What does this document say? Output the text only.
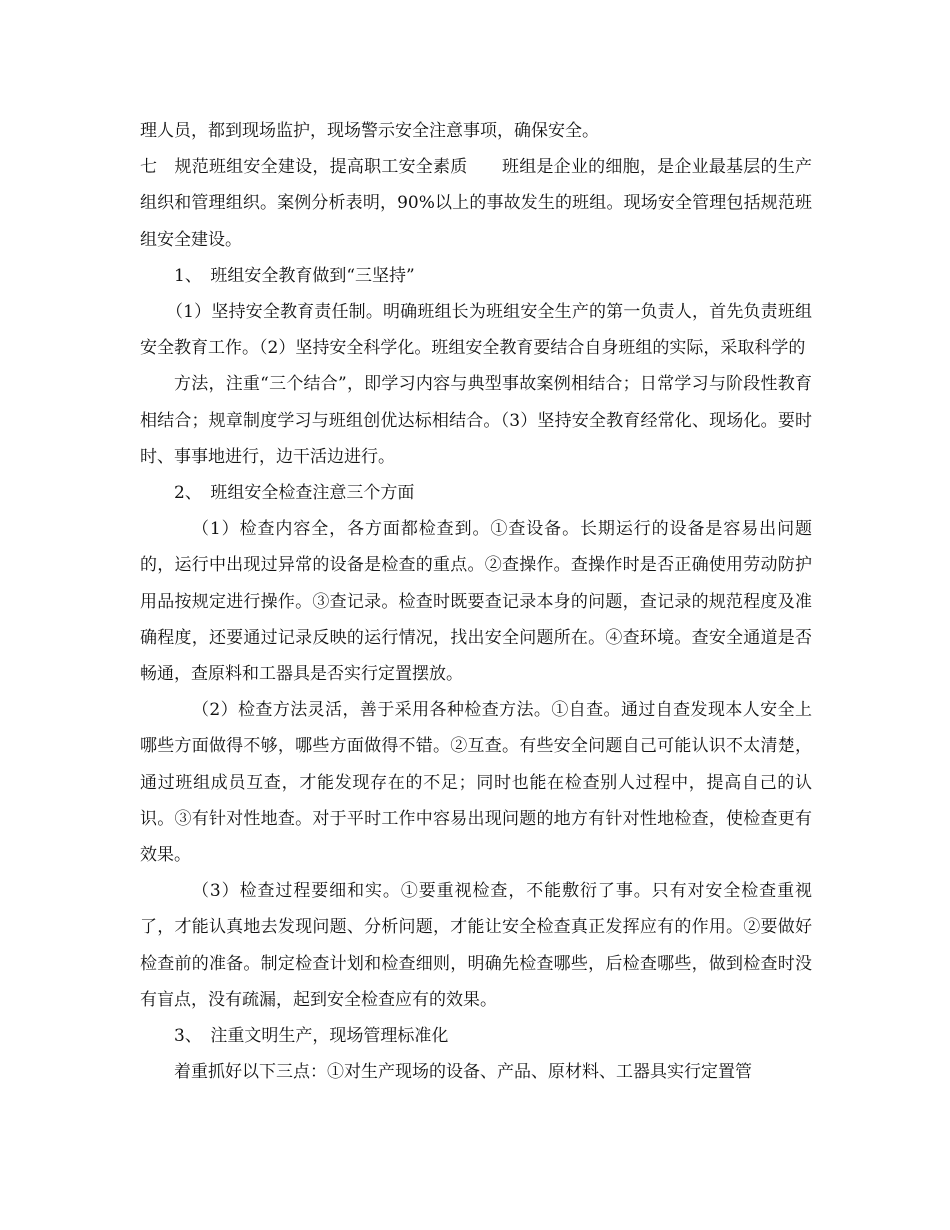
理人员，都到现场监护，现场警示安全注意事项，确保安全。

七　规范班组安全建设，提高职工安全素质　　班组是企业的细胞，是企业最基层的生产组织和管理组织。案例分析表明，90%以上的事故发生的班组。现场安全管理包括规范班组安全建设。

1、　班组安全教育做到“三坚持”

（1）坚持安全教育责任制。明确班组长为班组安全生产的第一负责人，首先负责班组安全教育工作。（2）坚持安全科学化。班组安全教育要结合自身班组的实际，采取科学的

方法，注重“三个结合”，即学习内容与典型事故案例相结合；日常学习与阶段性教育相结合；规章制度学习与班组创优达标相结合。（3）坚持安全教育经常化、现场化。要时时、事事地进行，边干活边进行。

2、　班组安全检查注意三个方面

（1）检查内容全，各方面都检查到。①查设备。长期运行的设备是容易出问题的，运行中出现过异常的设备是检查的重点。②查操作。查操作时是否正确使用劳动防护用品按规定进行操作。③查记录。检查时既要查记录本身的问题，查记录的规范程度及准确程度，还要通过记录反映的运行情况，找出安全问题所在。④查环境。查安全通道是否畅通，查原料和工器具是否实行定置摆放。

（2）检查方法灵活，善于采用各种检查方法。①自查。通过自查发现本人安全上哪些方面做得不够，哪些方面做得不错。②互查。有些安全问题自己可能认识不太清楚，通过班组成员互查，才能发现存在的不足；同时也能在检查别人过程中，提高自己的认识。③有针对性地查。对于平时工作中容易出现问题的地方有针对性地检查，使检查更有效果。

（3）检查过程要细和实。①要重视检查，不能敷衍了事。只有对安全检查重视了，才能认真地去发现问题、分析问题，才能让安全检查真正发挥应有的作用。②要做好检查前的准备。制定检查计划和检查细则，明确先检查哪些，后检查哪些，做到检查时没有盲点，没有疏漏，起到安全检查应有的效果。

3、　注重文明生产，现场管理标准化

着重抓好以下三点：①对生产现场的设备、产品、原材料、工器具实行定置管
